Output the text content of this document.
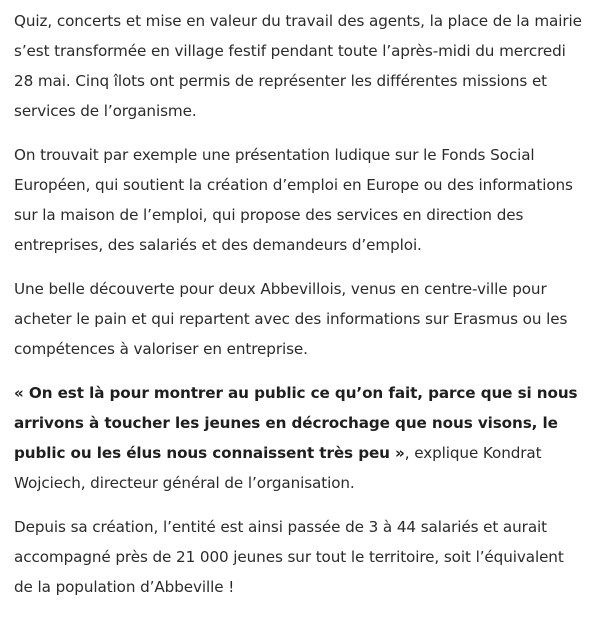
Quiz, concerts et mise en valeur du travail des agents, la place de la mairie s’est transformée en village festif pendant toute l’après-midi du mercredi 28 mai. Cinq îlots ont permis de représenter les différentes missions et services de l’organisme.

On trouvait par exemple une présentation ludique sur le Fonds Social Européen, qui soutient la création d’emploi en Europe ou des informations sur la maison de l’emploi, qui propose des services en direction des entreprises, des salariés et des demandeurs d’emploi.

Une belle découverte pour deux Abbevillois, venus en centre-ville pour acheter le pain et qui repartent avec des informations sur Erasmus ou les compétences à valoriser en entreprise.

« On est là pour montrer au public ce qu’on fait, parce que si nous arrivons à toucher les jeunes en décrochage que nous visons, le public ou les élus nous connaissent très peu », explique Kondrat Wojciech, directeur général de l’organisation.

Depuis sa création, l’entité est ainsi passée de 3 à 44 salariés et aurait accompagné près de 21 000 jeunes sur tout le territoire, soit l’équivalent de la population d’Abbeville !
